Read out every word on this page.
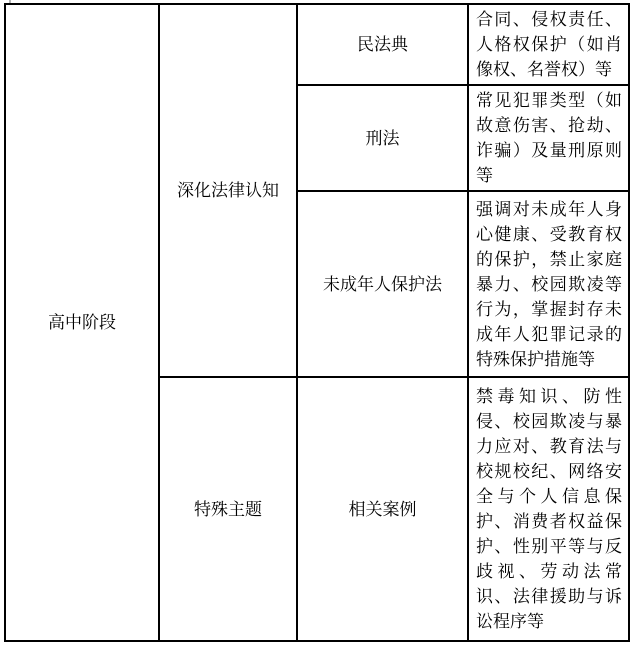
高中阶段	深化法律认知	民法典	合同、侵权责任、人格权保护（如肖像权、名誉权）等
		刑法	常见犯罪类型（如故意伤害、抢劫、诈骗）及量刑原则等
		未成年人保护法	强调对未成年人身心健康、受教育权的保护，禁止家庭暴力、校园欺凌等行为，掌握封存未成年人犯罪记录的特殊保护措施等
	特殊主题	相关案例	禁毒知识、防性侵、校园欺凌与暴力应对、教育法与校规校纪、网络安全与个人信息保护、消费者权益保护、性别平等与反歧视、劳动法常识、法律援助与诉讼程序等
